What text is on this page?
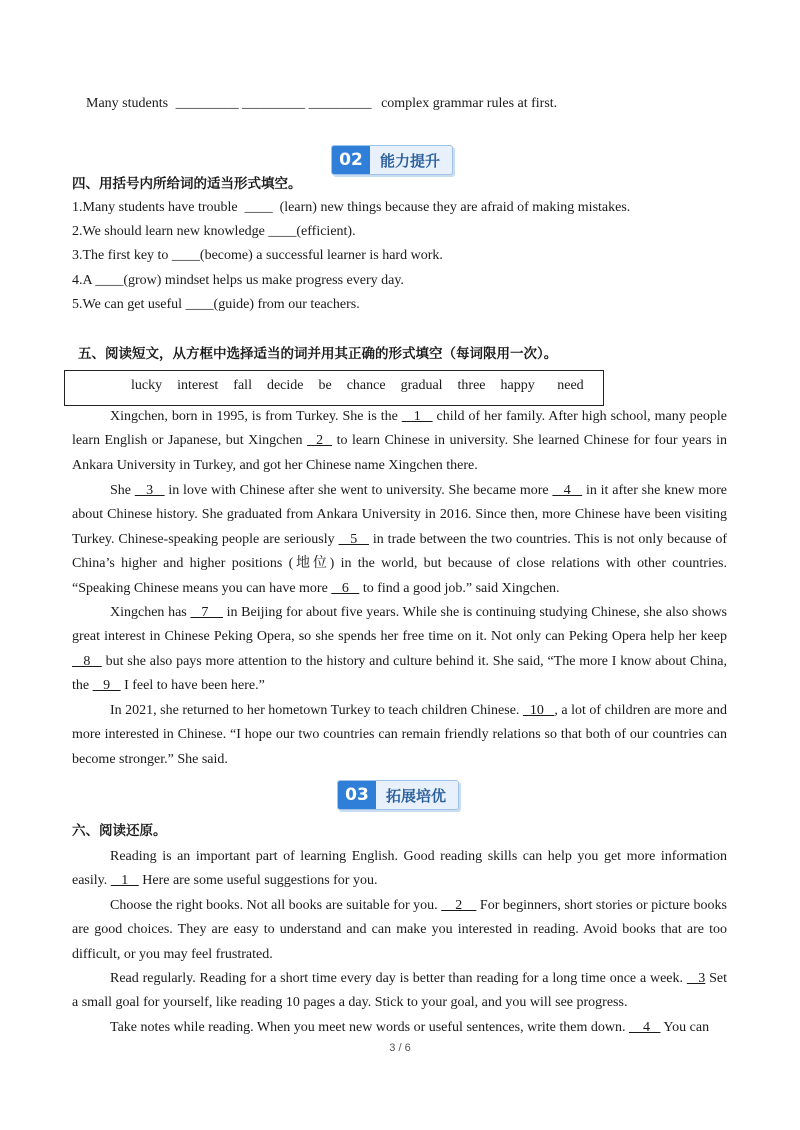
Many students _________ _________ _________ complex grammar rules at first.
02	能力提升
四、用括号内所给词的适当形式填空。
1.Many students have trouble  ____  (learn) new things because they are afraid of making mistakes.
2.We should learn new knowledge ____(efficient).
3.The first key to ____(become) a successful learner is hard work.
4.A ____(grow) mindset helps us make progress every day.
5.We can get useful ____(guide) from our teachers.
五、阅读短文，从方框中选择适当的词并用其正确的形式填空（每词限用一次）。
lucky  interest  fall  decide  be  chance  gradual  three  happy   need
Xingchen, born in 1995, is from Turkey. She is the    1    child of her family. After high school, many people learn English or Japanese, but Xingchen   2   to learn Chinese in university. She learned Chinese for four years in Ankara University in Turkey, and got her Chinese name Xingchen there.
She    3    in love with Chinese after she went to university. She became more    4    in it after she knew more about Chinese history. She graduated from Ankara University in 2016. Since then, more Chinese have been visiting Turkey. Chinese-speaking people are seriously    5    in trade between the two countries. This is not only because of China’s higher and higher positions (地位) in the world, but because of close relations with other countries. “Speaking Chinese means you can have more    6    to find a good job.” said Xingchen.
Xingchen has    7     in Beijing for about five years. While she is continuing studying Chinese, she also shows great interest in Chinese Peking Opera, so she spends her free time on it. Not only can Peking Opera help her keep    8    but she also pays more attention to the history and culture behind it. She said, “The more I know about China, the    9    I feel to have been here.”
In 2021, she returned to her hometown Turkey to teach children Chinese.   10   , a lot of children are more and more interested in Chinese. “I hope our two countries can remain friendly relations so that both of our countries can become stronger.” She said.
03	拓展培优
六、阅读还原。
Reading is an important part of learning English. Good reading skills can help you get more information easily.    1    Here are some useful suggestions for you.
Choose the right books. Not all books are suitable for you.     2     For beginners, short stories or picture books are good choices. They are easy to understand and can make you interested in reading. Avoid books that are too difficult, or you may feel frustrated.
Read regularly. Reading for a short time every day is better than reading for a long time once a week.    3 Set a small goal for yourself, like reading 10 pages a day. Stick to your goal, and you will see progress.
Take notes while reading. When you meet new words or useful sentences, write them down.     4    You can
3 / 6
